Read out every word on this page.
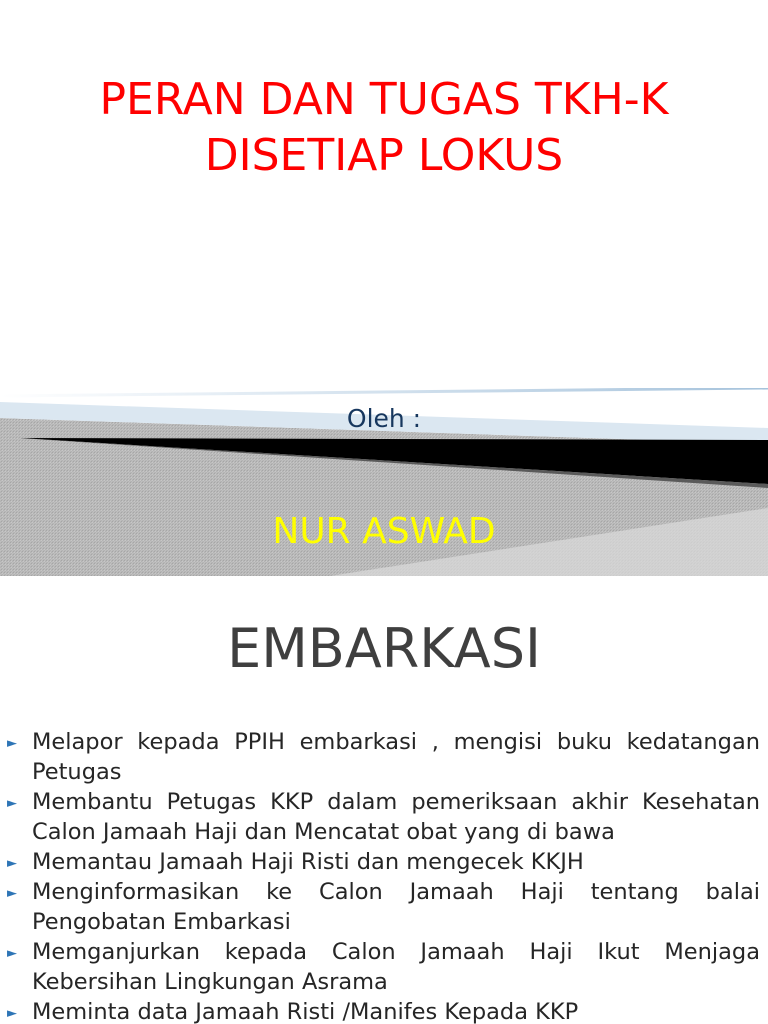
PERAN DAN TUGAS TKH-K
DISETIAP LOKUS
Oleh :
NUR ASWAD
EMBARKASI
► Melapor kepada PPIH embarkasi , mengisi buku kedatangan Petugas
► Membantu Petugas KKP dalam pemeriksaan akhir Kesehatan Calon Jamaah Haji dan Mencatat obat yang di bawa
► Memantau Jamaah Haji Risti dan mengecek KKJH
► Menginformasikan ke Calon Jamaah Haji tentang balai Pengobatan Embarkasi
► Memganjurkan kepada Calon Jamaah Haji Ikut Menjaga Kebersihan Lingkungan Asrama
► Meminta data Jamaah Risti /Manifes Kepada KKP
